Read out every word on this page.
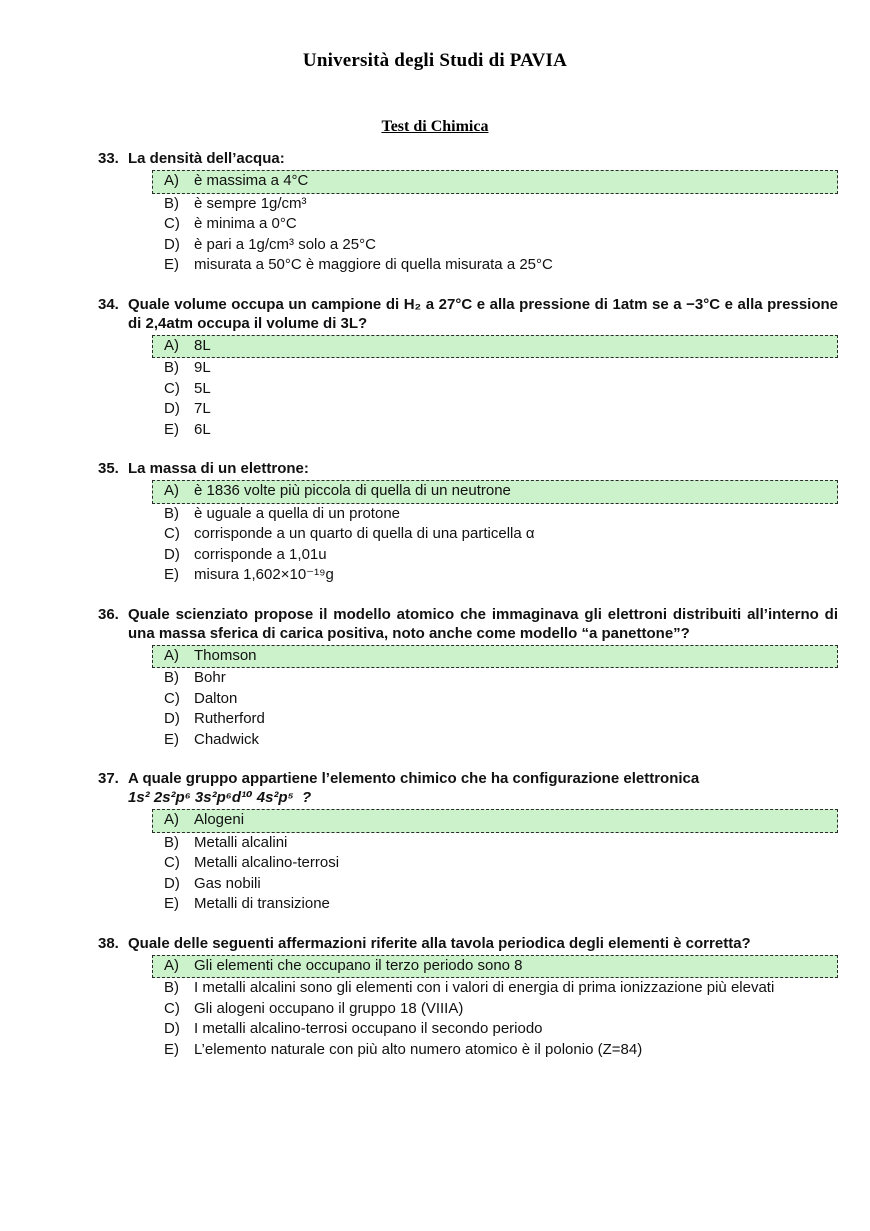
Università degli Studi di PAVIA
Test di Chimica
33. La densità dell’acqua:

A)	è massima a 4°C
B)	è sempre 1g/cm³
C) è minima a 0°C
D) è pari a 1g/cm³ solo a 25°C
E)	misurata a 50°C è maggiore di quella misurata a 25°C
34. Quale volume occupa un campione di H₂ a 27°C e alla pressione di 1atm se a −3°C e alla pressione di 2,4atm occupa il volume di 3L?

A)	8L
B)	9L
C) 5L
D) 7L
E)	6L
35. La massa di un elettrone:

A)	è 1836 volte più piccola di quella di un neutrone
B)	è uguale a quella di un protone
C) corrisponde a un quarto di quella di una particella α
D) corrisponde a 1,01u
E)	misura 1,602×10⁻¹⁹g
36. Quale scienziato propose il modello atomico che immaginava gli elettroni distribuiti all’interno di una massa sferica di carica positiva, noto anche come modello “a panettone”?

A)	Thomson
B)	Bohr
C) Dalton
D) Rutherford
E)	Chadwick
37. A quale gruppo appartiene l’elemento chimico che ha configurazione elettronica

1s² 2s²p⁶ 3s²p⁶d¹⁰ 4s²p⁵  ?

A)	Alogeni
B)	Metalli alcalini
C) Metalli alcalino-terrosi
D) Gas nobili
E)	Metalli di transizione
38. Quale delle seguenti affermazioni riferite alla tavola periodica degli elementi è corretta?

A)	Gli elementi che occupano il terzo periodo sono 8
B)	I metalli alcalini sono gli elementi con i valori di energia di prima ionizzazione più elevati
C) Gli alogeni occupano il gruppo 18 (VIIIA)
D) I metalli alcalino-terrosi occupano il secondo periodo
E)	L’elemento naturale con più alto numero atomico è il polonio (Z=84)
